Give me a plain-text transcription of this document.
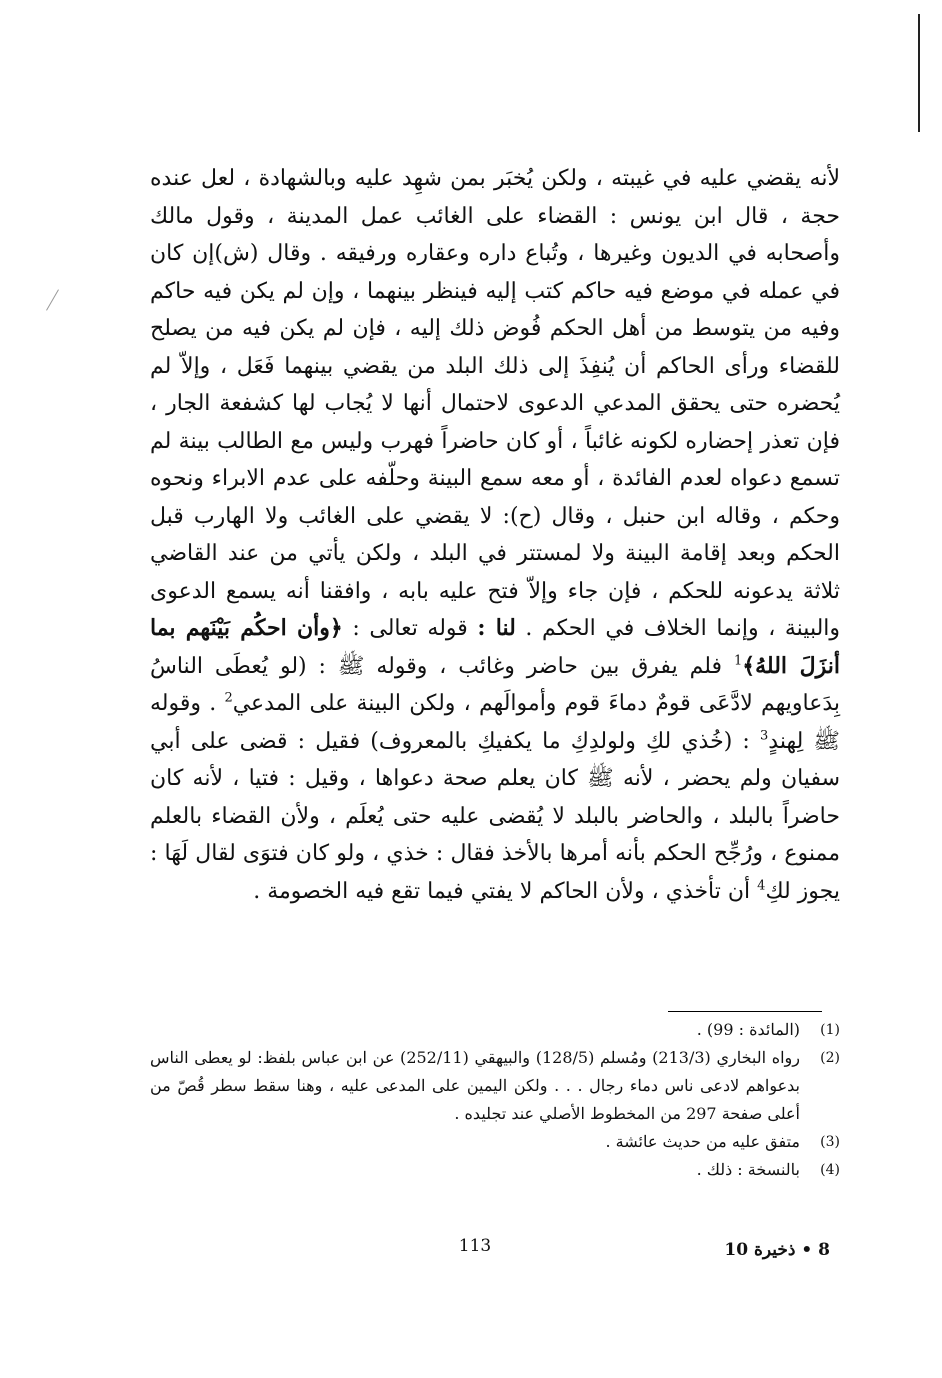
لأنه يقضي عليه في غيبته ، ولكن يُخبَر بمن شهِد عليه وبالشهادة ، لعل عنده حجة ، قال ابن يونس : القضاء على الغائب عمل المدينة ، وقول مالك وأصحابه في الديون وغيرها ، وتُباع داره وعقاره ورفيقه . وقال (ش)إن كان في عمله في موضع فيه حاكم كتب إليه فينظر بينهما ، وإن لم يكن فيه حاكم وفيه من يتوسط من أهل الحكم فُوض ذلك إليه ، فإن لم يكن فيه من يصلح للقضاء ورأى الحاكم أن يُنفِذَ إلى ذلك البلد من يقضي بينهما فَعَل ، وإلاّ لم يُحضره حتى يحقق المدعي الدعوى لاحتمال أنها لا يُجاب لها كشفعة الجار ، فإن تعذر إحضاره لكونه غائباً ، أو كان حاضراً فهرب وليس مع الطالب بينة لم تسمع دعواه لعدم الفائدة ، أو معه سمع البينة وحلّفه على عدم الابراء ونحوه وحكم ، وقاله ابن حنبل ، وقال (ح): لا يقضي على الغائب ولا الهارب قبل الحكم وبعد إقامة البينة ولا لمستتر في البلد ، ولكن يأتي من عند القاضي ثلاثة يدعونه للحكم ، فإن جاء وإلاّ فتح عليه بابه ، وافقنا أنه يسمع الدعوى والبينة ، وإنما الخلاف في الحكم . لنا : قوله تعالى : ﴿وأن احكُم بَيْنَهم بما أنزَلَ اللهُ﴾$^1$ فلم يفرق بين حاضر وغائب ، وقوله ﷺ : (لو يُعطَى الناسُ بِدَعاويهم لادَّعَى قومٌ دماءَ قوم وأموالَهم ، ولكن البينة على المدعي$^2$ . وقوله ﷺ لِهندٍ$^3$ : (خُذي لكِ ولولدِكِ ما يكفيكِ بالمعروف) فقيل : قضى على أبي سفيان ولم يحضر ، لأنه ﷺ كان يعلم صحة دعواها ، وقيل : فتيا ، لأنه كان حاضراً بالبلد ، والحاضر بالبلد لا يُقضى عليه حتى يُعلَم ، ولأن القضاء بالعلم ممنوع ، ورُجِّح الحكم بأنه أمرها بالأخذ فقال : خذي ، ولو كان فتوَى لقال لَهَا : يجوز لكِ$^4$ أن تأخذي ، ولأن الحاكم لا يفتي فيما تقع فيه الخصومة .

(1)
(المائدة : 99) .
(2)
رواه البخاري (213/3) ومُسلم (128/5) والبيهقي (252/11) عن ابن عباس بلفظ: لو يعطى الناس بدعواهم لادعى ناس دماء رجال . . . ولكن اليمين على المدعى عليه ، وهنا سقط سطر قُصّ من أعلى صفحة 297 من المخطوط الأصلي عند تجليده .
(3)
متفق عليه من حديث عائشة .
(4)
بالنسخة : ذلك .
113	8 • ذخيرة 10
